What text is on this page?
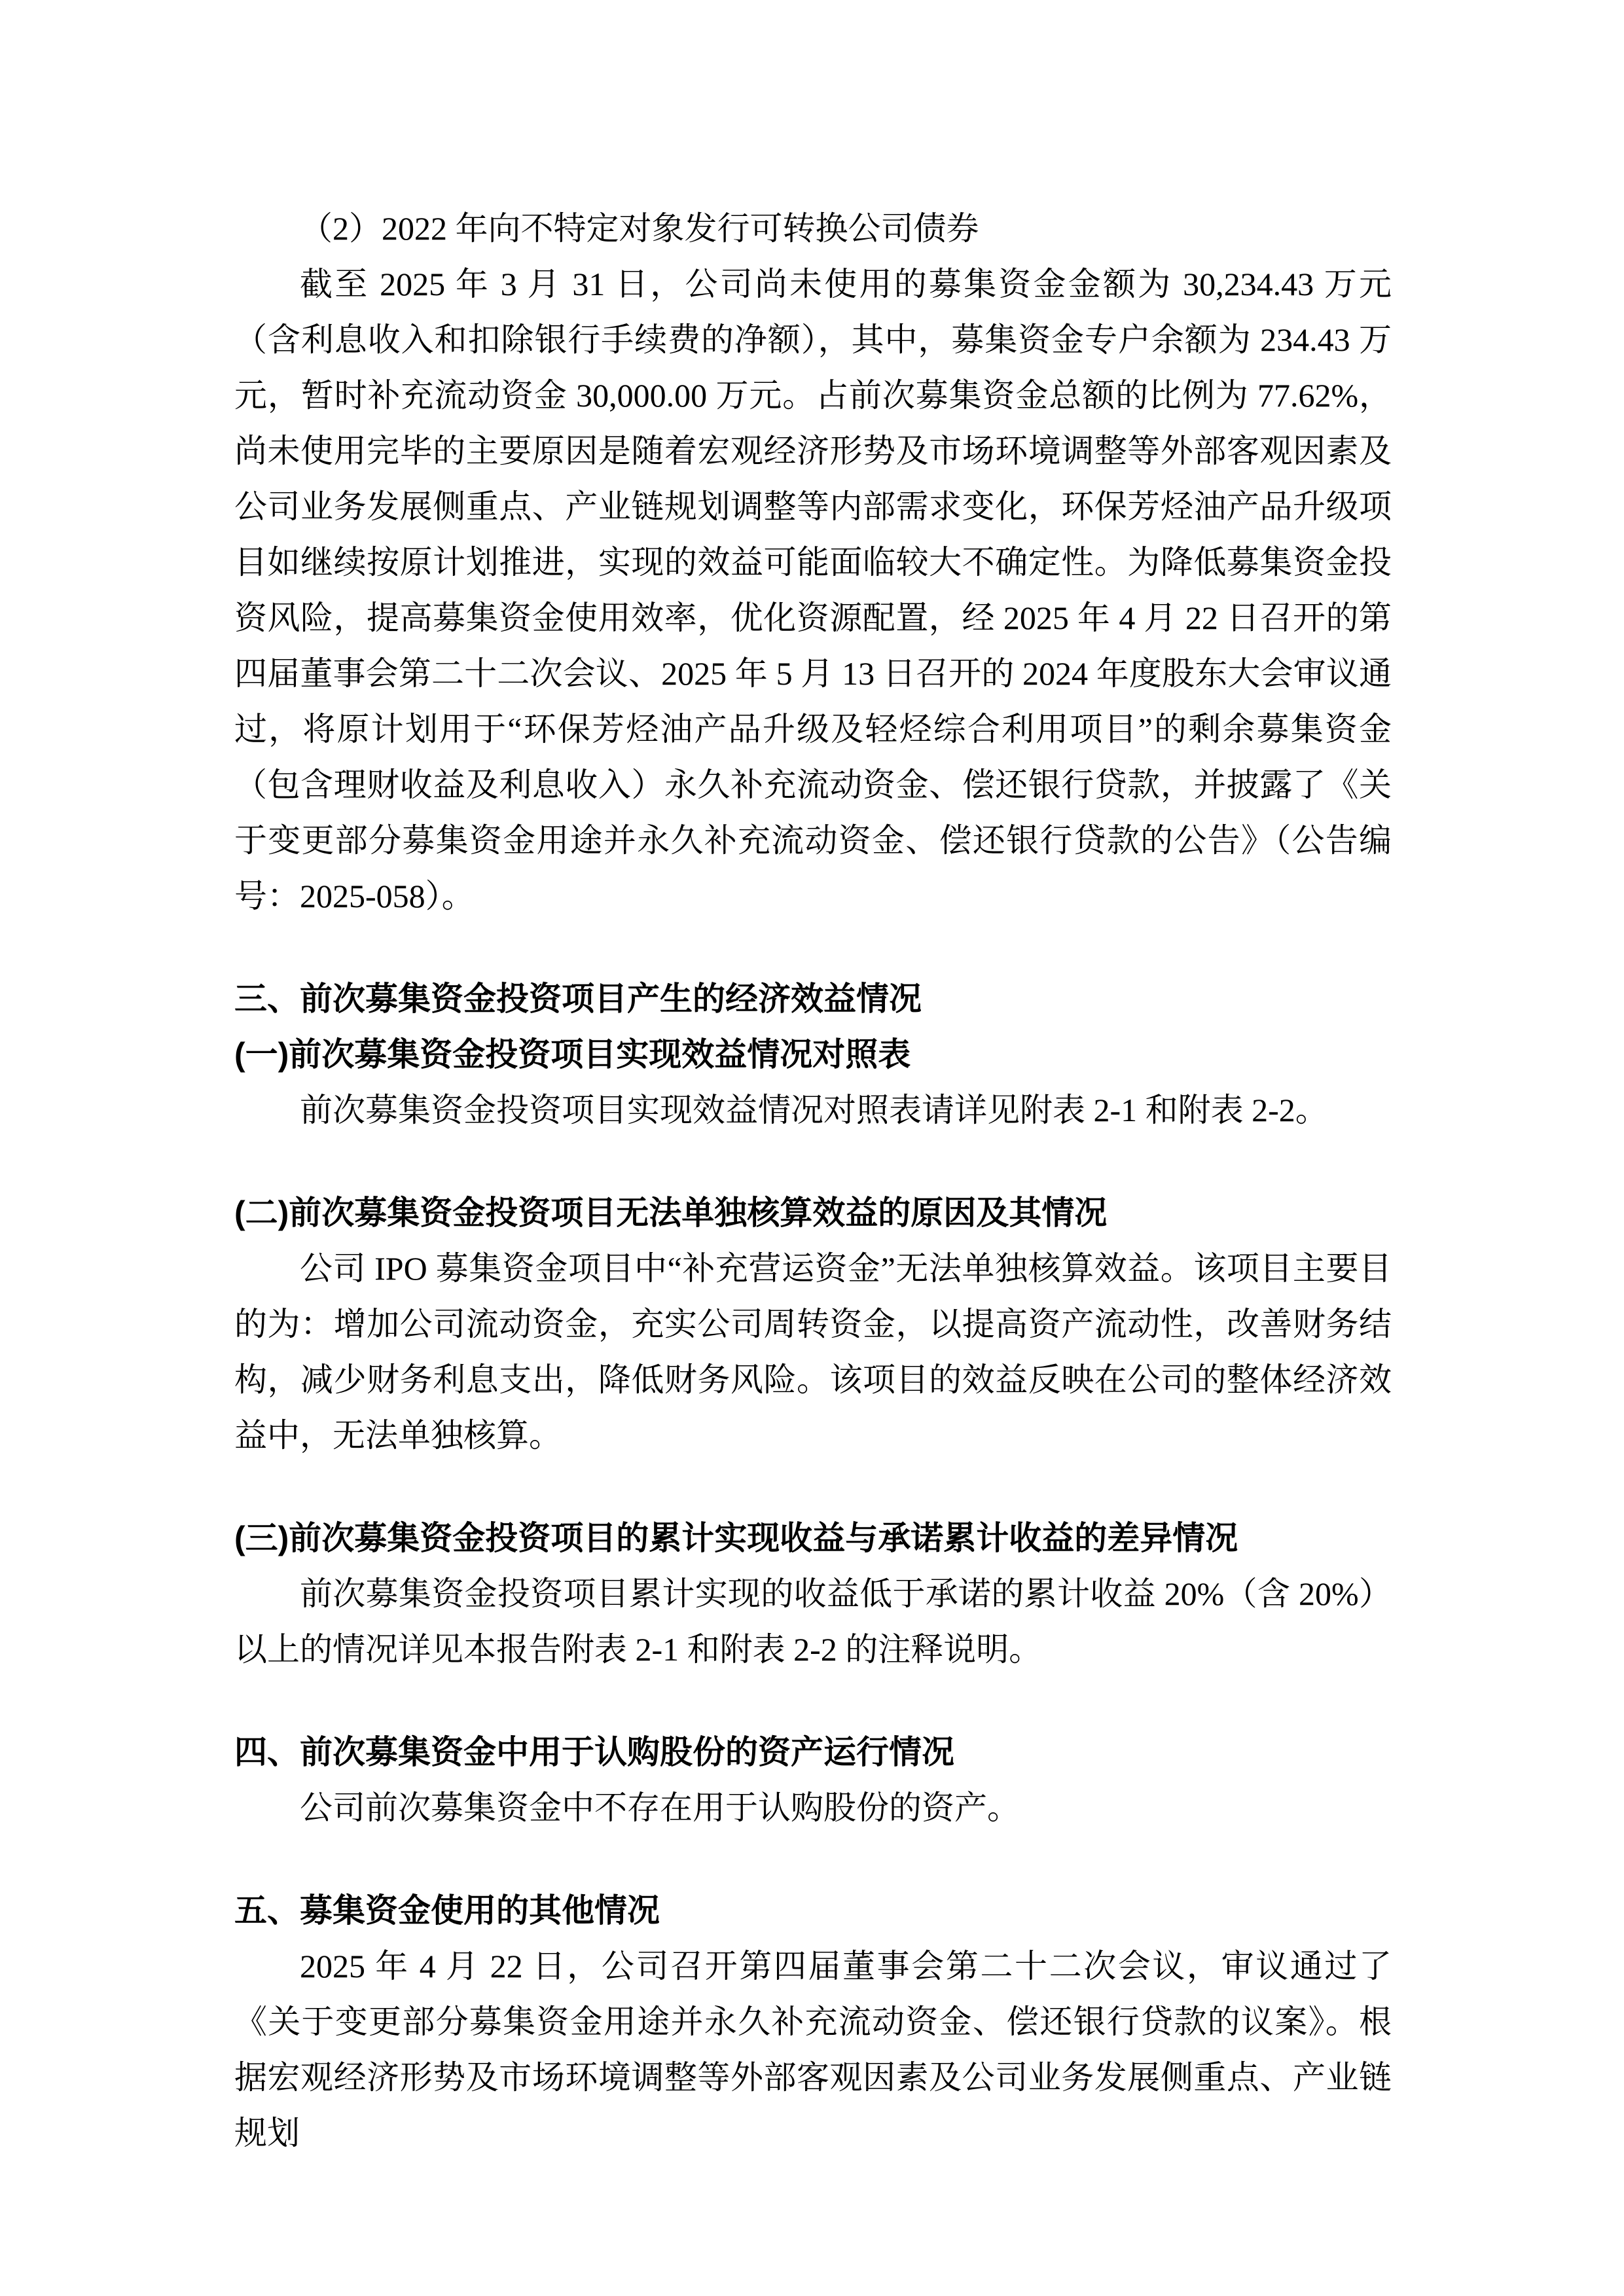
（2）2022 年向不特定对象发行可转换公司债券

截至 2025 年 3 月 31 日，公司尚未使用的募集资金金额为 30,234.43 万元（含利息收入和扣除银行手续费的净额），其中，募集资金专户余额为 234.43 万元，暂时补充流动资金 30,000.00 万元。占前次募集资金总额的比例为 77.62%，尚未使用完毕的主要原因是随着宏观经济形势及市场环境调整等外部客观因素及公司业务发展侧重点、产业链规划调整等内部需求变化，环保芳烃油产品升级项目如继续按原计划推进，实现的效益可能面临较大不确定性。为降低募集资金投资风险，提高募集资金使用效率，优化资源配置，经 2025 年 4 月 22 日召开的第四届董事会第二十二次会议、2025 年 5 月 13 日召开的 2024 年度股东大会审议通过，将原计划用于“环保芳烃油产品升级及轻烃综合利用项目”的剩余募集资金（包含理财收益及利息收入）永久补充流动资金、偿还银行贷款，并披露了《关于变更部分募集资金用途并永久补充流动资金、偿还银行贷款的公告》（公告编号：2025-058）。

三、前次募集资金投资项目产生的经济效益情况
(一)前次募集资金投资项目实现效益情况对照表

前次募集资金投资项目实现效益情况对照表请详见附表 2-1 和附表 2-2。

(二)前次募集资金投资项目无法单独核算效益的原因及其情况

公司 IPO 募集资金项目中“补充营运资金”无法单独核算效益。该项目主要目的为：增加公司流动资金，充实公司周转资金，以提高资产流动性，改善财务结构，减少财务利息支出，降低财务风险。该项目的效益反映在公司的整体经济效益中，无法单独核算。

(三)前次募集资金投资项目的累计实现收益与承诺累计收益的差异情况

前次募集资金投资项目累计实现的收益低于承诺的累计收益 20%（含 20%）以上的情况详见本报告附表 2-1 和附表 2-2 的注释说明。

四、前次募集资金中用于认购股份的资产运行情况

公司前次募集资金中不存在用于认购股份的资产。

五、募集资金使用的其他情况

2025 年 4 月 22 日，公司召开第四届董事会第二十二次会议，审议通过了《关于变更部分募集资金用途并永久补充流动资金、偿还银行贷款的议案》。根据宏观经济形势及市场环境调整等外部客观因素及公司业务发展侧重点、产业链规划
